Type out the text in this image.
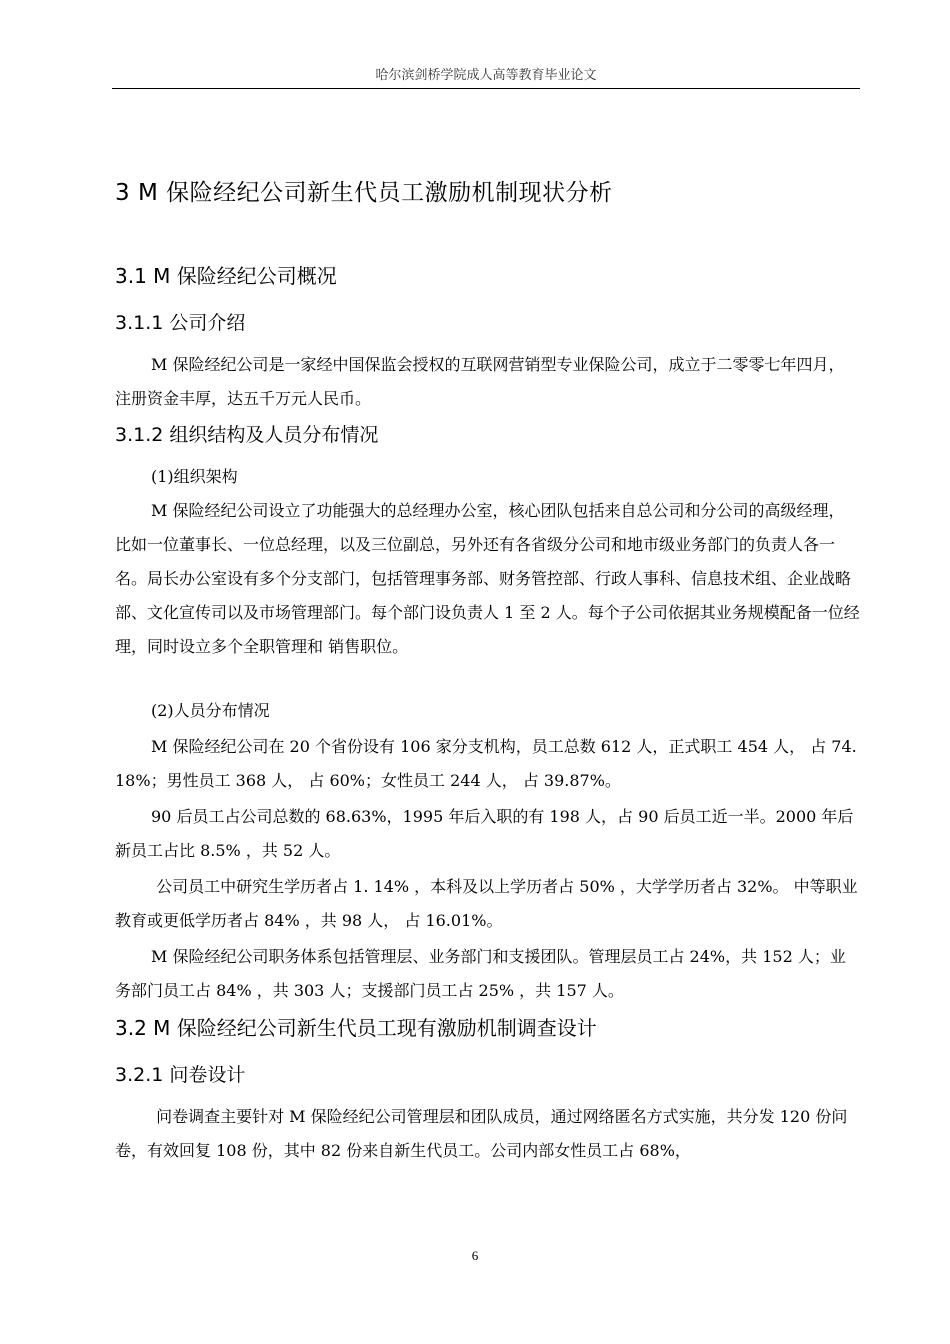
哈尔滨剑桥学院成人高等教育毕业论文
3 M 保险经纪公司新生代员工激励机制现状分析
3.1 M 保险经纪公司概况
3.1.1 公司介绍
M 保险经纪公司是一家经中国保监会授权的互联网营销型专业保险公司，成立于二零零七年四月，注册资金丰厚，达五千万元人民币。
3.1.2 组织结构及人员分布情况
(1)组织架构
M 保险经纪公司设立了功能强大的总经理办公室，核心团队包括来自总公司和分公司的高级经理，比如一位董事长、一位总经理，以及三位副总，另外还有各省级分公司和地市级业务部门的负责人各一名。局长办公室设有多个分支部门，包括管理事务部、财务管控部、行政人事科、信息技术组、企业战略部、文化宣传司以及市场管理部门。每个部门设负责人 1 至 2 人。每个子公司依据其业务规模配备一位经理，同时设立多个全职管理和 销售职位。
(2)人员分布情况
M 保险经纪公司在 20 个省份设有 106 家分支机构，员工总数 612 人，正式职工 454 人， 占 74. 18%；男性员工 368 人， 占 60%；女性员工 244 人， 占 39.87%。
90 后员工占公司总数的 68.63%，1995 年后入职的有 198 人，占 90 后员工近一半。2000 年后新员工占比 8.5% ，共 52 人。
公司员工中研究生学历者占 1. 14% ，本科及以上学历者占 50% ，大学学历者占 32%。 中等职业教育或更低学历者占 84% ，共 98 人， 占 16.01%。
M 保险经纪公司职务体系包括管理层、业务部门和支援团队。管理层员工占 24%，共 152 人；业务部门员工占 84% ，共 303 人；支援部门员工占 25% ，共 157 人。
3.2 M 保险经纪公司新生代员工现有激励机制调查设计
3.2.1 问卷设计
问卷调查主要针对 M 保险经纪公司管理层和团队成员，通过网络匿名方式实施，共分发 120 份问卷，有效回复 108 份，其中 82 份来自新生代员工。公司内部女性员工占 68%，
6
